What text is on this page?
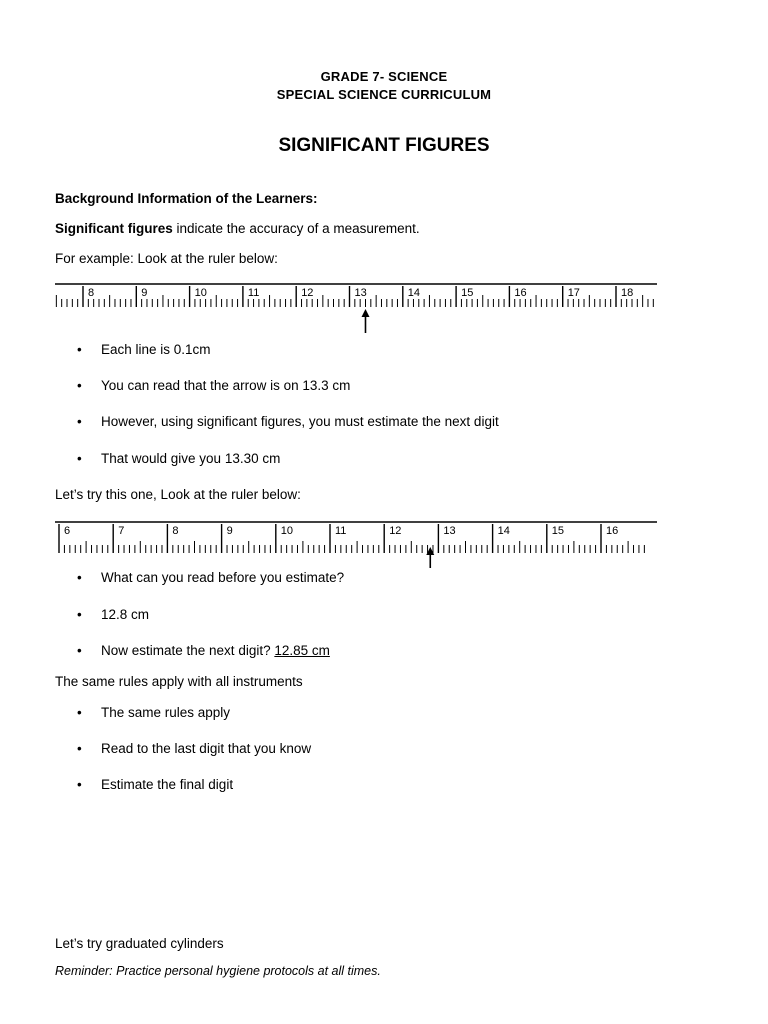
GRADE 7- SCIENCE
SPECIAL SCIENCE CURRICULUM
SIGNIFICANT FIGURES
Background Information of the Learners:
Significant figures indicate the accuracy of a measurement.
For example: Look at the ruler below:
8	9	10	11	12	13	14	15	16	17	18
• Each line is 0.1cm
• You can read that the arrow is on 13.3 cm
• However, using significant figures, you must estimate the next digit
• That would give you 13.30 cm
Let’s try this one, Look at the ruler below:
6	7	8	9	10	11	12	13	14	15	16
• What can you read before you estimate?
• 12.8 cm
• Now estimate the next digit? 12.85 cm
The same rules apply with all instruments
• The same rules apply
• Read to the last digit that you know
• Estimate the final digit
Let’s try graduated cylinders
Reminder: Practice personal hygiene protocols at all times.
